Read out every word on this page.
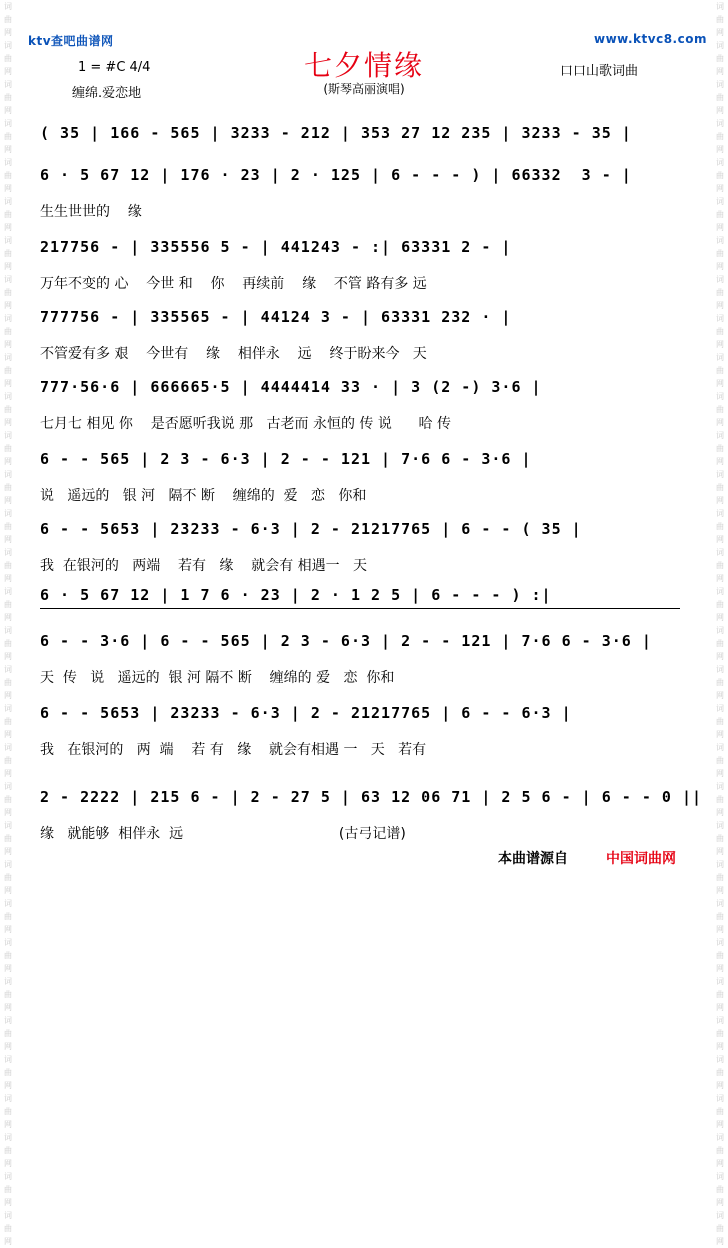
词曲网词曲网词曲网词曲网词曲网词曲网词曲网词曲网词曲网词曲网词曲网词曲网词曲网词曲网词曲网词曲网词曲网词曲网词曲网词曲网词曲网词曲网词曲网词曲网词曲网词曲网词曲网词曲网词曲网词曲网词曲网词曲网
词曲网词曲网词曲网词曲网词曲网词曲网词曲网词曲网词曲网词曲网词曲网词曲网词曲网词曲网词曲网词曲网词曲网词曲网词曲网词曲网词曲网词曲网词曲网词曲网词曲网词曲网词曲网词曲网词曲网词曲网词曲网词曲网
ktv查吧曲谱网	www.ktvc8.com
七夕情缘
(斯琴高丽演唱)
1 = #C 4/4
缠绵.爱恋地
口口山歌词曲
( 35 | 166 - 565 | 3233 - 212 | 353 27 12 235 | 3233 - 35 |
6 · 5 67 12 | 176 · 23 | 2 · 125 | 6 - - - ) | 66332  3 - |
生生世世的    缘
217756 - | 335556 5 - | 441243 - :| 63331 2 - |
万年不变的 心    今世 和    你    再续前    缘    不管 路有多 远
777756 - | 335565 - | 44124 3 - | 63331 232 · |
不管爱有多 艰    今世有    缘    相伴永    远    终于盼来今   天
777·56·6 | 666665·5 | 4444414 33 · | 3 (2 -) 3·6 |
七月七 相见 你    是否愿听我说 那   古老而 永恒的 传 说      哈 传
6 - - 565 | 2 3 - 6·3 | 2 - - 121 | 7·6 6 - 3·6 |
说   遥远的   银 河   隔不 断    缠绵的  爱   恋   你和
6 - - 5653 | 23233 - 6·3 | 2 - 21217765 | 6 - - ( 35 |
我  在银河的   两端    若有   缘    就会有 相遇一   天
6 · 5 67 12 | 1 7 6 · 23 | 2 · 1 2 5 | 6 - - - ) :|
6 - - 3·6 | 6 - - 565 | 2 3 - 6·3 | 2 - - 121 | 7·6 6 - 3·6 |
天  传   说   遥远的  银 河 隔不 断    缠绵的 爱   恋  你和
6 - - 5653 | 23233 - 6·3 | 2 - 21217765 | 6 - - 6·3 |
我   在银河的   两  端    若 有   缘    就会有相遇 一   天   若有
2 - 2222 | 215 6 - | 2 - 27 5 | 63 12 06 71 | 2 5 6 - | 6 - - 0 ||
缘   就能够  相伴永  远                                   (古弓记谱)
本曲谱源自	中国词曲网
